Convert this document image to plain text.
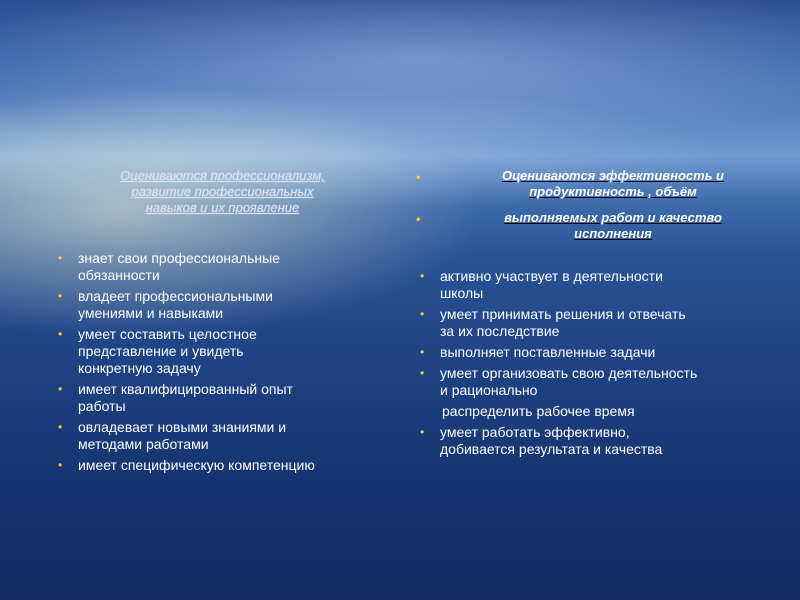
Оцениваются профессионализм,
развитие профессиональных
навыков и их проявление
• знает свои профессиональные
обязанности
• владеет профессиональными
умениями и навыками
• умеет составить целостное
представление и увидеть
конкретную задачу
• имеет квалифицированный опыт
работы
• овладевает новыми знаниями и
методами работами
• имеет специфическую компетенцию
•	Оцениваются эффективность и
продуктивность , объём
•	выполняемых работ и качество
исполнения
• активно участвует в деятельности
школы
• умеет принимать решения и отвечать
за их последствие
• выполняет поставленные задачи
• умеет организовать свою деятельность
и рационально
распределить рабочее время
• умеет работать эффективно,
добивается результата и качества
